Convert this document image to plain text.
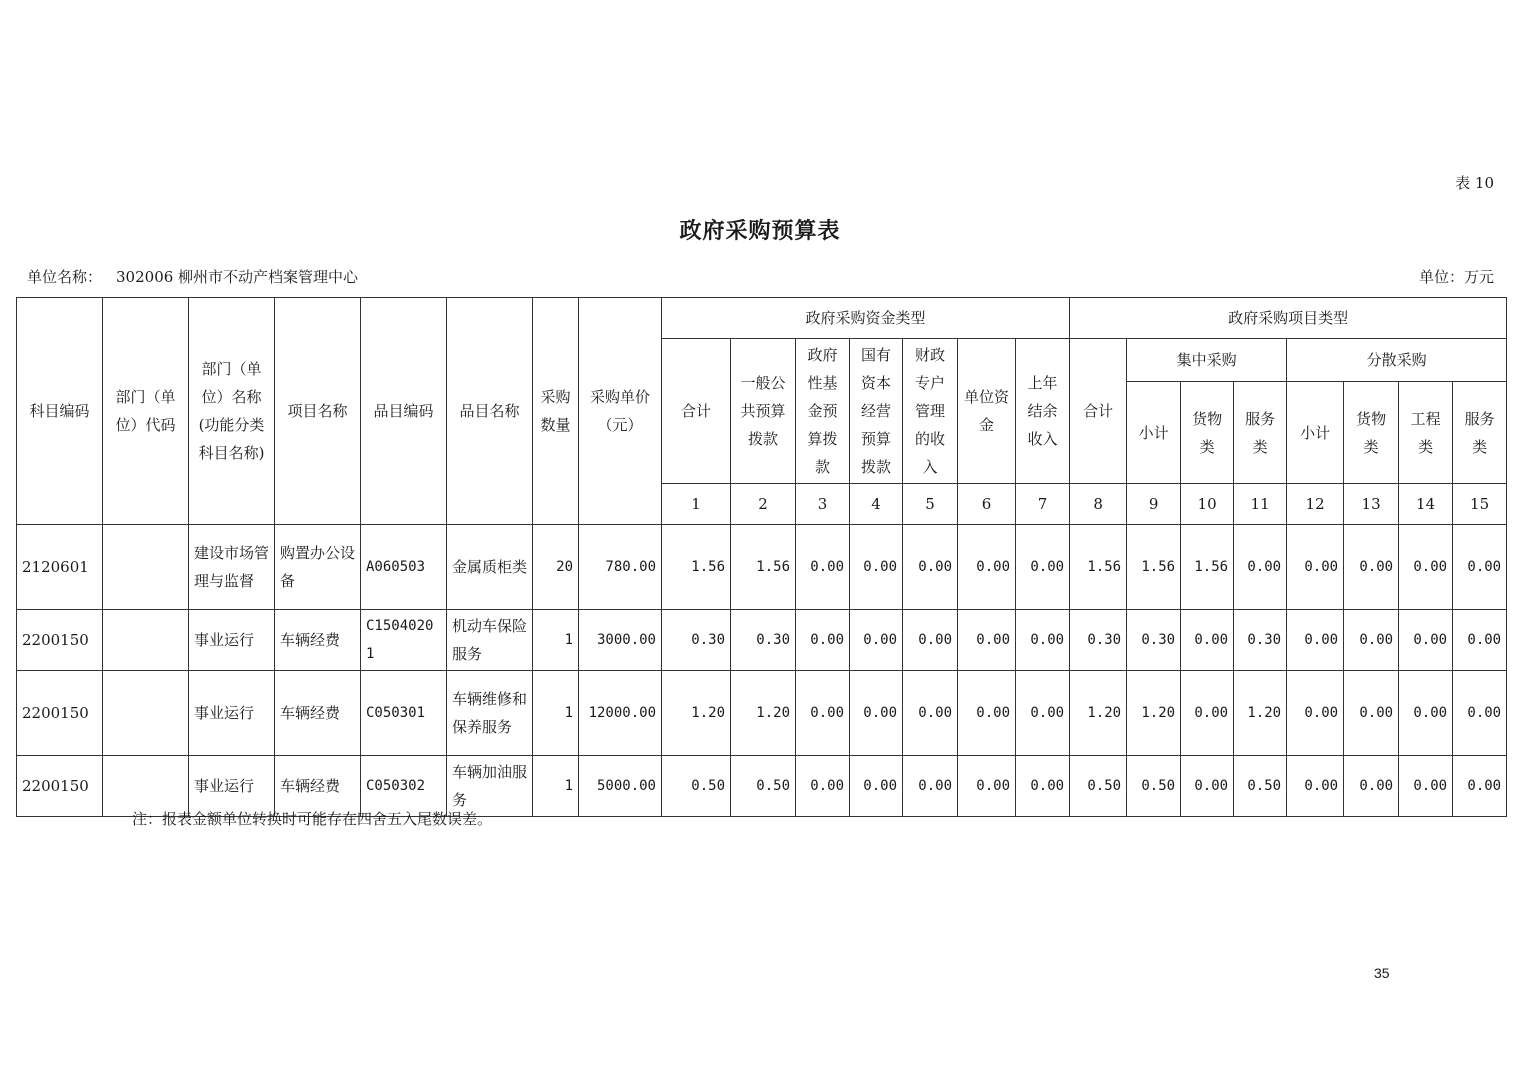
表 10
政府采购预算表
单位名称： 302006 柳州市不动产档案管理中心	单位：万元
科目编码	部门（单位）代码	部门（单位）名称(功能分类科目名称)	项目名称	品目编码	品目名称	采购数量	采购单价（元）	政府采购资金类型							政府采购项目类型							
								合计	一般公共预算拨款	政府性基金预算拨款	国有资本经营预算拨款	财政专户管理的收入	单位资金	上年结余收入	合计	集中采购			分散采购			
																小计	货物类	服务类	小计	货物类	工程类	服务类
								1	2	3	4	5	6	7	8	9	10	11	12	13	14	15
2120601		建设市场管理与监督	购置办公设备	A060503	金属质柜类	20	780.00	1.56	1.56	0.00	0.00	0.00	0.00	0.00	1.56	1.56	1.56	0.00	0.00	0.00	0.00	0.00
2200150		事业运行	车辆经费	C15040201	机动车保险服务	1	3000.00	0.30	0.30	0.00	0.00	0.00	0.00	0.00	0.30	0.30	0.00	0.30	0.00	0.00	0.00	0.00
2200150		事业运行	车辆经费	C050301	车辆维修和保养服务	1	12000.00	1.20	1.20	0.00	0.00	0.00	0.00	0.00	1.20	1.20	0.00	1.20	0.00	0.00	0.00	0.00
2200150		事业运行	车辆经费	C050302	车辆加油服务	1	5000.00	0.50	0.50	0.00	0.00	0.00	0.00	0.00	0.50	0.50	0.00	0.50	0.00	0.00	0.00	0.00
注：报表金额单位转换时可能存在四舍五入尾数误差。
35
